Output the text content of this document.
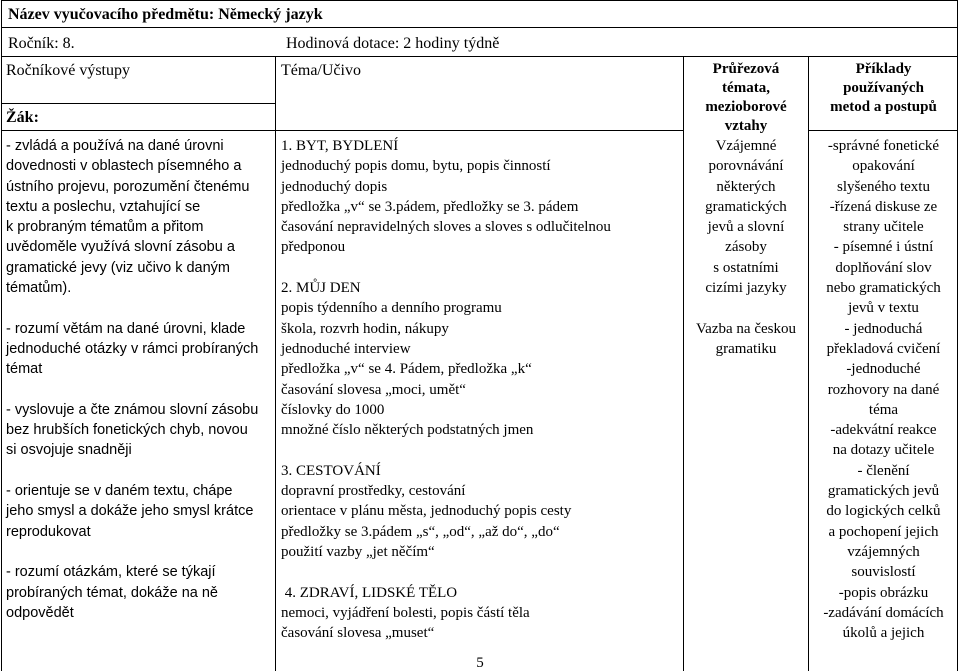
Název vyučovacího předmětu: Německý jazyk
Ročník: 8.	Hodinová dotace: 2 hodiny týdně
Ročníkové výstupy
Žák:
Téma/Učivo	Průřezová
témata,
mezioborové
vztahy
Příklady
používaných
metod a postupů
- zvládá a používá na dané úrovni
dovednosti v oblastech písemného a
ústního projevu, porozumění čtenému
textu a poslechu, vztahující se
k probraným tématům a přitom
uvědoměle využívá slovní zásobu a
gramatické jevy (viz učivo k daným
tématům).
- rozumí větám na dané úrovni, klade
jednoduché otázky v rámci probíraných
témat
- vyslovuje a čte známou slovní zásobu
bez hrubších fonetických chyb, novou
si osvojuje snadněji
- orientuje se v daném textu, chápe
jeho smysl a dokáže jeho smysl krátce
reprodukovat
- rozumí otázkám, které se týkají
probíraných témat, dokáže na ně
odpovědět
1. BYT, BYDLENÍ
jednoduchý popis domu, bytu, popis činností
jednoduchý dopis
předložka „v“ se 3.pádem, předložky se 3. pádem
časování nepravidelných sloves a sloves s odlučitelnou
předponou
2. MŮJ DEN
popis týdenního a denního programu
škola, rozvrh hodin, nákupy
jednoduché interview
předložka „v“ se 4. Pádem, předložka „k“
časování slovesa „moci, umět“
číslovky do 1000
množné číslo některých podstatných jmen
3. CESTOVÁNÍ
dopravní prostředky, cestování
orientace v plánu města, jednoduchý popis cesty
předložky se 3.pádem „s“, „od“, „až do“, „do“
použití vazby „jet něčím“
4. ZDRAVÍ, LIDSKÉ TĚLO
nemoci, vyjádření bolesti, popis částí těla
časování slovesa „muset“
Vzájemné
porovnávání
některých
gramatických
jevů a slovní
zásoby
s ostatními
cizími jazyky
Vazba na českou
gramatiku
-správné fonetické
opakování
slyšeného textu
-řízená diskuse ze
strany učitele
- písemné i ústní
doplňování slov
nebo gramatických
jevů v textu
- jednoduchá
překladová cvičení
-jednoduché
rozhovory na dané
téma
-adekvátní reakce
na dotazy učitele
- členění
gramatických jevů
do logických celků
a pochopení jejich
vzájemných
souvislostí
-popis obrázku
-zadávání domácích
úkolů a jejich
5
